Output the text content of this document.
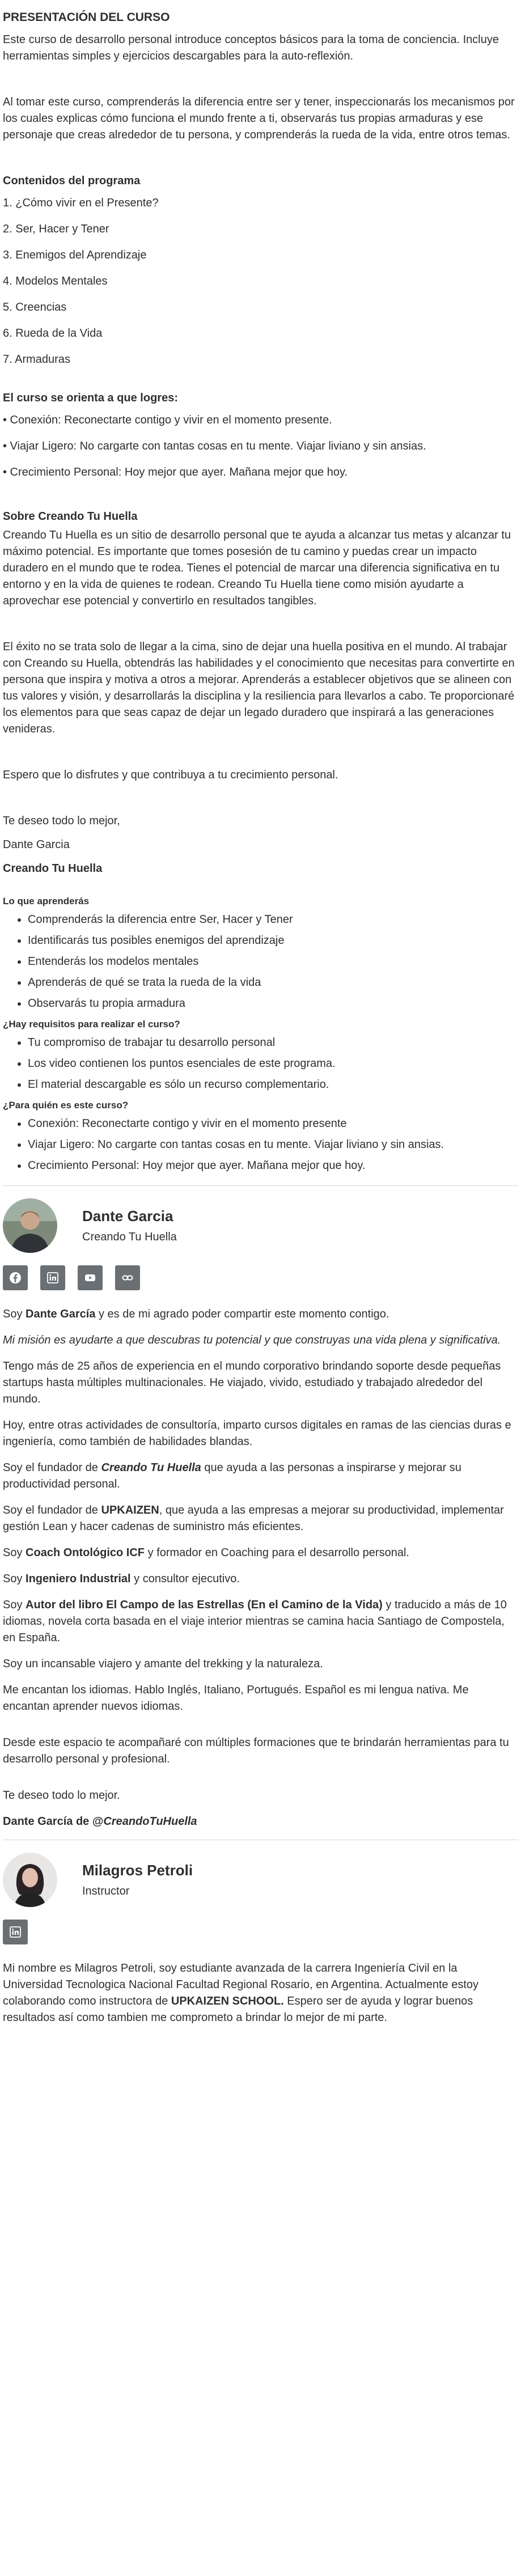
PRESENTACIÓN DEL CURSO

Este curso de desarrollo personal introduce conceptos básicos para la toma de conciencia. Incluye herramientas simples y ejercicios descargables para la auto-reflexión.

Al tomar este curso, comprenderás la diferencia entre ser y tener, inspeccionarás los mecanismos por los cuales explicas cómo funciona el mundo frente a ti, observarás tus propias armaduras y ese personaje que creas alrededor de tu persona, y comprenderás la rueda de la vida, entre otros temas.

Contenidos del programa

1. ¿Cómo vivir en el Presente?

2. Ser, Hacer y Tener

3. Enemigos del Aprendizaje

4. Modelos Mentales

5. Creencias

6. Rueda de la Vida

7. Armaduras

El curso se orienta a que logres:

• Conexión: Reconectarte contigo y vivir en el momento presente.

• Viajar Ligero: No cargarte con tantas cosas en tu mente. Viajar liviano y sin ansias.

• Crecimiento Personal: Hoy mejor que ayer. Mañana mejor que hoy.

Sobre Creando Tu Huella

Creando Tu Huella es un sitio de desarrollo personal que te ayuda a alcanzar tus metas y alcanzar tu máximo potencial. Es importante que tomes posesión de tu camino y puedas crear un impacto duradero en el mundo que te rodea. Tienes el potencial de marcar una diferencia significativa en tu entorno y en la vida de quienes te rodean. Creando Tu Huella tiene como misión ayudarte a aprovechar ese potencial y convertirlo en resultados tangibles.

El éxito no se trata solo de llegar a la cima, sino de dejar una huella positiva en el mundo. Al trabajar con Creando su Huella, obtendrás las habilidades y el conocimiento que necesitas para convertirte en persona que inspira y motiva a otros a mejorar. Aprenderás a establecer objetivos que se alineen con tus valores y visión, y desarrollarás la disciplina y la resiliencia para llevarlos a cabo. Te proporcionaré los elementos para que seas capaz de dejar un legado duradero que inspirará a las generaciones venideras.

Espero que lo disfrutes y que contribuya a tu crecimiento personal.

Te deseo todo lo mejor,

Dante Garcia

Creando Tu Huella

Lo que aprenderás

• Comprenderás la diferencia entre Ser, Hacer y Tener
• Identificarás tus posibles enemigos del aprendizaje
• Entenderás los modelos mentales
• Aprenderás de qué se trata la rueda de la vida
• Observarás tu propia armadura

¿Hay requisitos para realizar el curso?

• Tu compromiso de trabajar tu desarrollo personal
• Los video contienen los puntos esenciales de este programa.
• El material descargable es sólo un recurso complementario.

¿Para quién es este curso?

• Conexión: Reconectarte contigo y vivir en el momento presente
• Viajar Ligero: No cargarte con tantas cosas en tu mente. Viajar liviano y sin ansias.
• Crecimiento Personal: Hoy mejor que ayer. Mañana mejor que hoy.
Dante Garcia
Creando Tu Huella

Soy Dante García y es de mi agrado poder compartir este momento contigo.

Mi misión es ayudarte a que descubras tu potencial y que construyas una vida plena y significativa.

Tengo más de 25 años de experiencia en el mundo corporativo brindando soporte desde pequeñas startups hasta múltiples multinacionales. He viajado, vivido, estudiado y trabajado alrededor del mundo.

Hoy, entre otras actividades de consultoría, imparto cursos digitales en ramas de las ciencias duras e ingeniería, como también de habilidades blandas.

Soy el fundador de Creando Tu Huella que ayuda a las personas a inspirarse y mejorar su productividad personal.

Soy el fundador de UPKAIZEN, que ayuda a las empresas a mejorar su productividad, implementar gestión Lean y hacer cadenas de suministro más eficientes.

Soy Coach Ontológico ICF y formador en Coaching para el desarrollo personal.

Soy Ingeniero Industrial y consultor ejecutivo.

Soy Autor del libro El Campo de las Estrellas (En el Camino de la Vida) y traducido a más de 10 idiomas, novela corta basada en el viaje interior mientras se camina hacia Santiago de Compostela, en España.

Soy un incansable viajero y amante del trekking y la naturaleza.

Me encantan los idiomas. Hablo Inglés, Italiano, Portugués. Español es mi lengua nativa. Me encantan aprender nuevos idiomas.

Desde este espacio te acompañaré con múltiples formaciones que te brindarán herramientas para tu desarrollo personal y profesional.

Te deseo todo lo mejor.

Dante García de @CreandoTuHuella

Milagros Petroli
Instructor

Mi nombre es Milagros Petroli, soy estudiante avanzada de la carrera Ingeniería Civil en la Universidad Tecnologica Nacional Facultad Regional Rosario, en Argentina. Actualmente estoy colaborando como instructora de UPKAIZEN SCHOOL. Espero ser de ayuda y lograr buenos resultados así como tambien me comprometo a brindar lo mejor de mi parte.
